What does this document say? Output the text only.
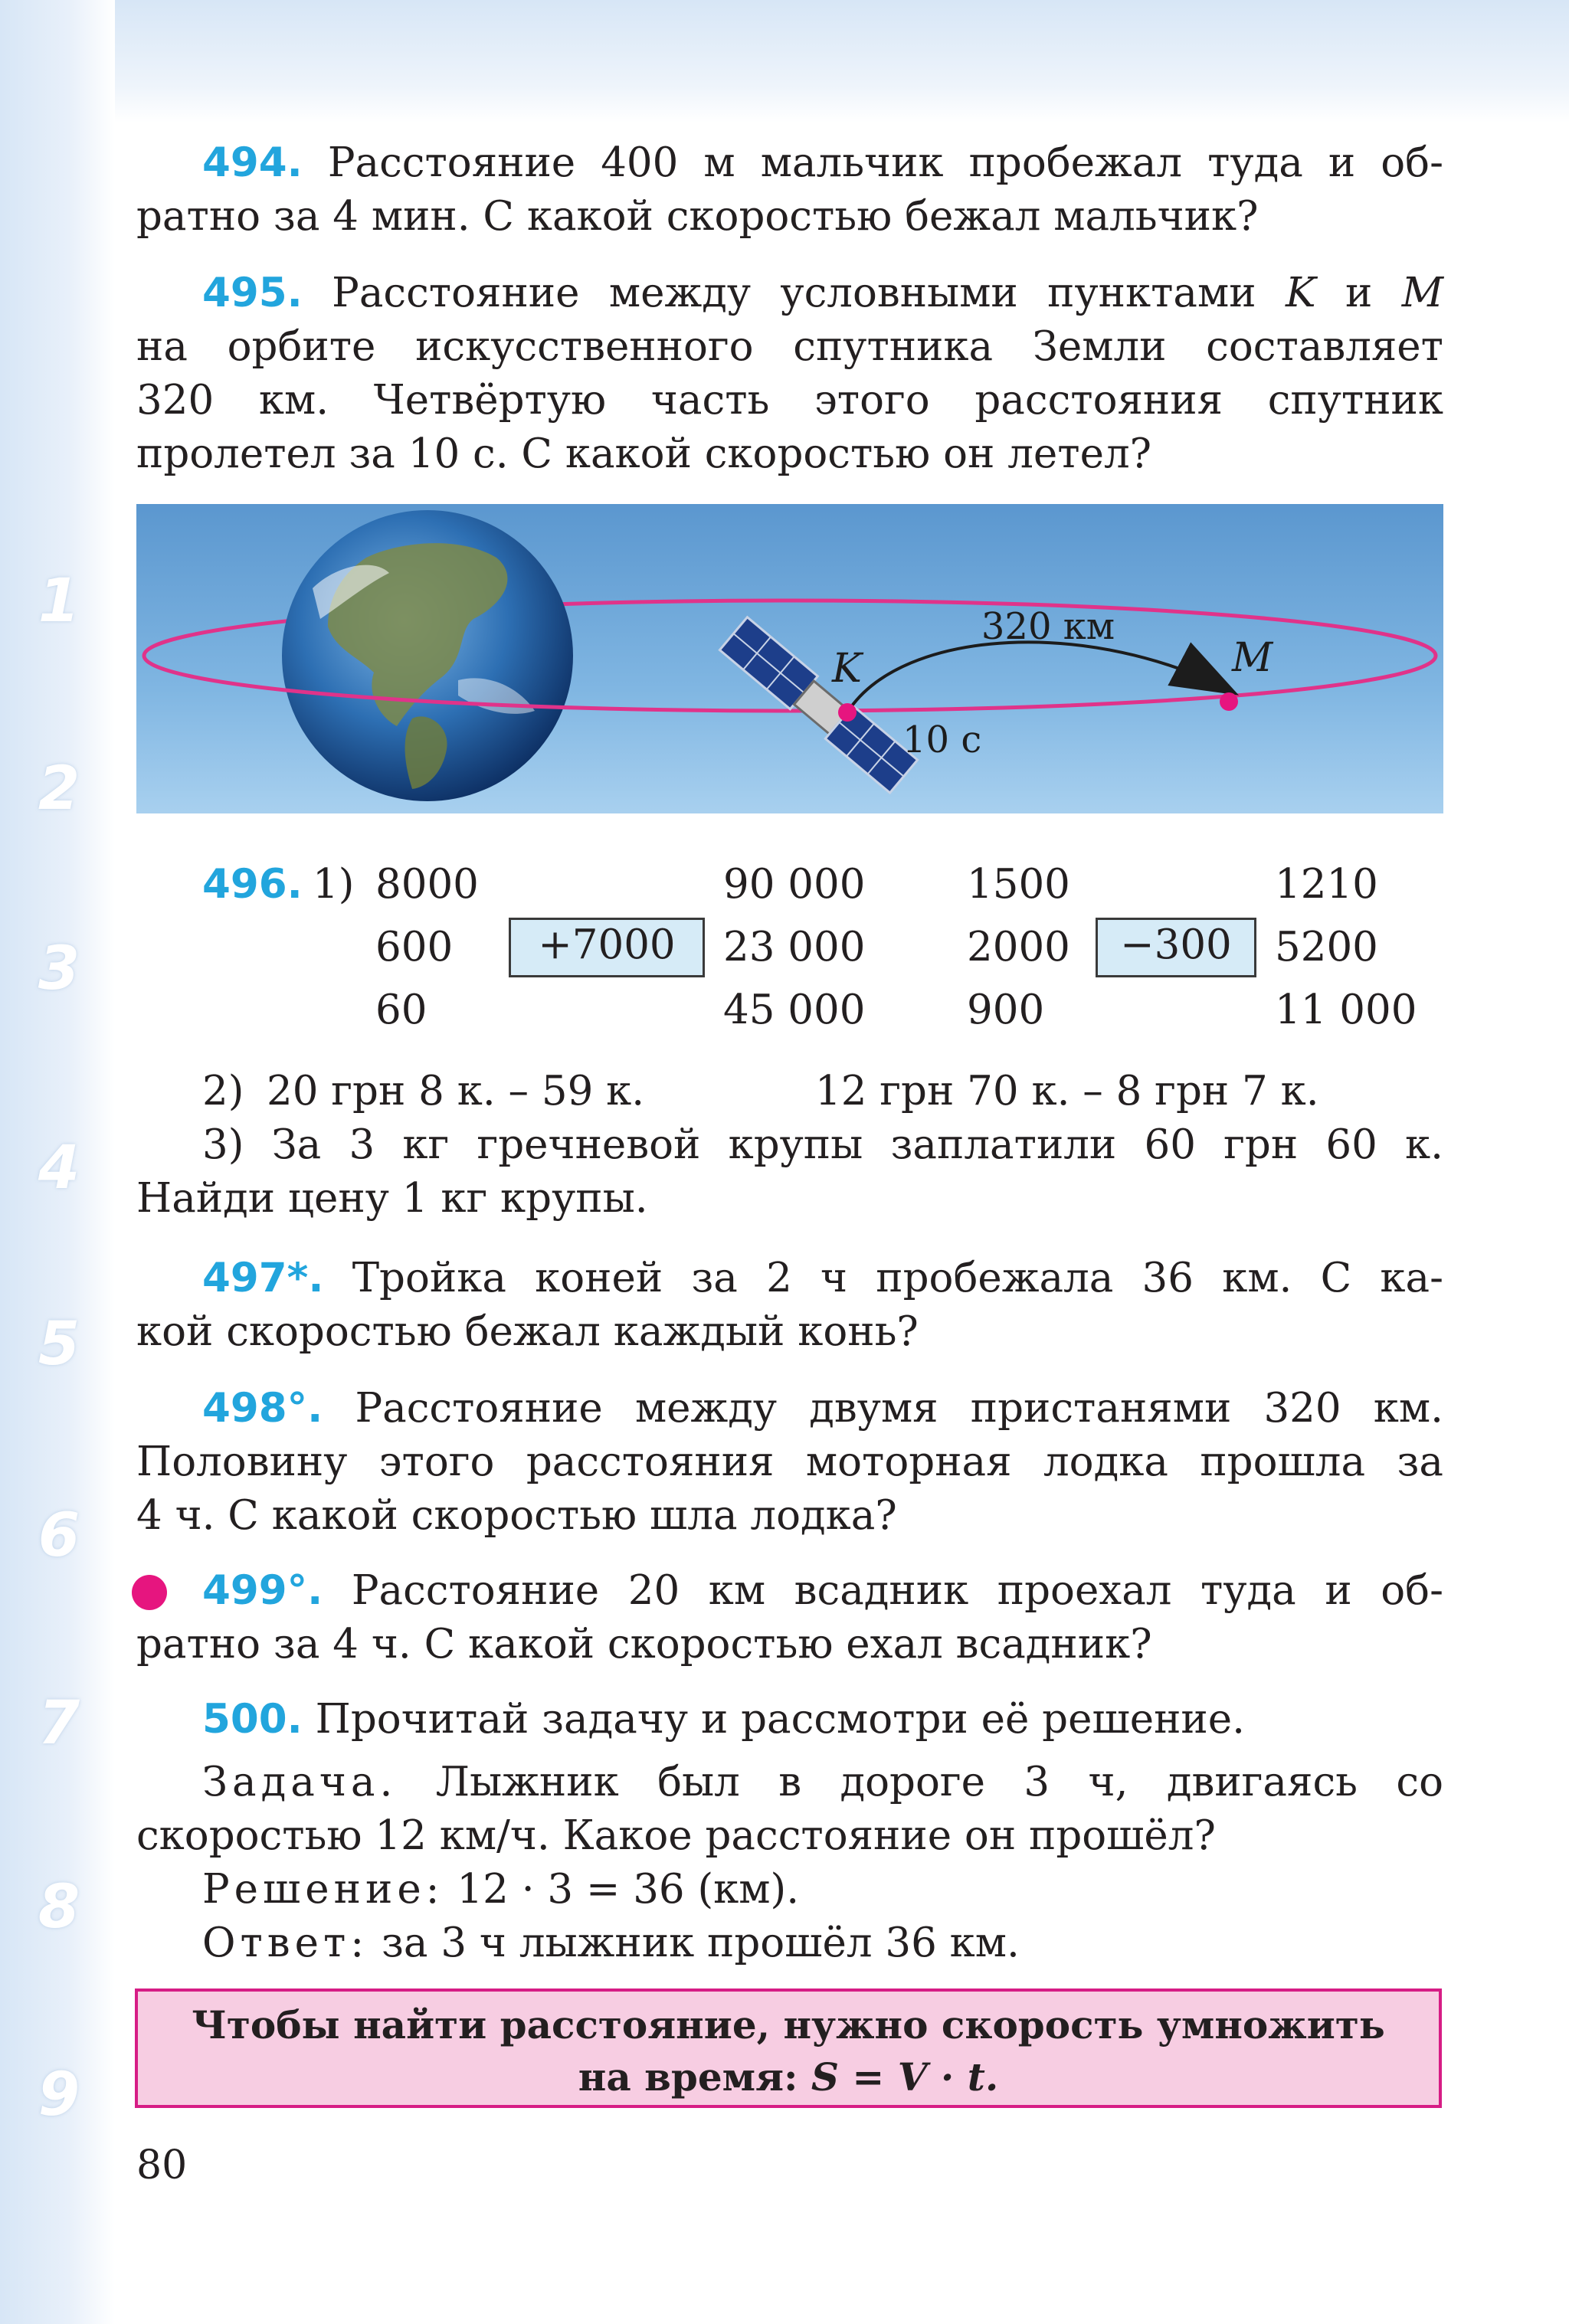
1
2
3
4
5
6
7
8
9
494. Расстояние 400 м мальчик пробежал туда и об-
ратно за 4 мин. С какой скоростью бежал мальчик?
495. Расстояние между условными пунктами K и M
на орбите искусственного спутника Земли составляет
320 км. Четвёртую часть этого расстояния спутник
пролетел за 10 с. С какой скоростью он летел?
320 км
K	M
10 с
496. 1) 8000
600
60
+7000
90 000
23 000
45 000
1500
2000
900
−300
1210
5200
11 000
2) 20 грн 8 к. – 59 к.	12 грн 70 к. – 8 грн 7 к.
3) За 3 кг гречневой крупы заплатили 60 грн 60 к.
Найди цену 1 кг крупы.
497*. Тройка коней за 2 ч пробежала 36 км. С ка-
кой скоростью бежал каждый конь?
498°. Расстояние между двумя пристанями 320 км.
Половину этого расстояния моторная лодка прошла за
4 ч. С какой скоростью шла лодка?
499°. Расстояние 20 км всадник проехал туда и об-
ратно за 4 ч. С какой скоростью ехал всадник?
500. Прочитай задачу и рассмотри её решение.
Задача. Лыжник был в дороге 3 ч, двигаясь со
скоростью 12 км/ч. Какое расстояние он прошёл?
Решение: 12 · 3 = 36 (км).
Ответ: за 3 ч лыжник прошёл 36 км.
Чтобы найти расстояние, нужно скорость умножить
на время: S = V · t.
80
